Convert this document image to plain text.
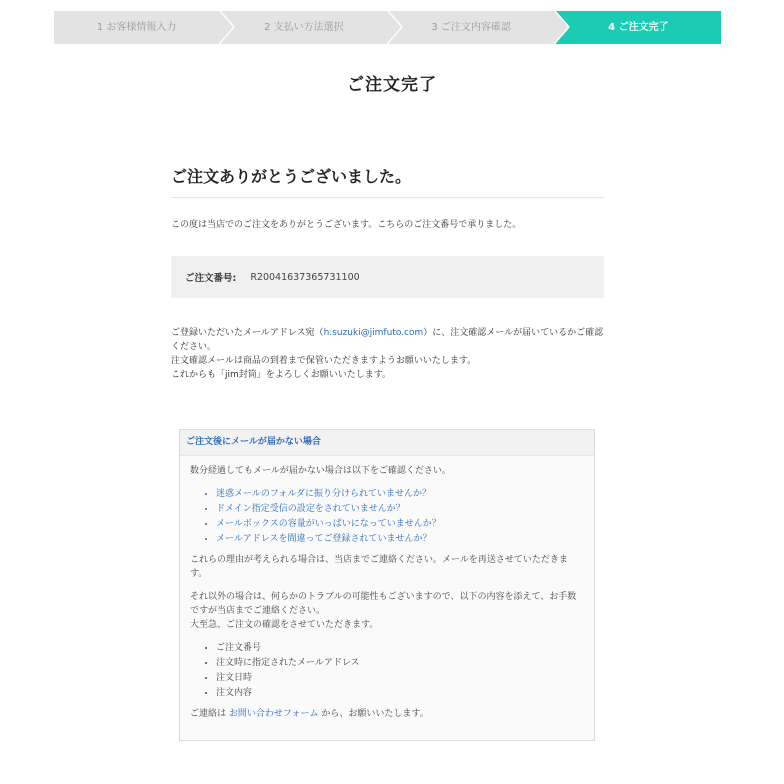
1 お客様情報入力	2 支払い方法選択	3 ご注文内容確認	4 ご注文完了
ご注文完了
ご注文ありがとうございました。
この度は当店でのご注文をありがとうございます。こちらのご注文番号で承りました。
ご注文番号: R20041637365731100

ご登録いただいたメールアドレス宛（h.suzuki@jimfuto.com）に、注文確認メールが届いているかご確認ください。

注文確認メールは商品の到着まで保管いただきますようお願いいたします。

これからも「jim封筒」をよろしくお願いいたします。

ご注文後にメールが届かない場合

数分経過してもメールが届かない場合は以下をご確認ください。

• 迷惑メールのフォルダに振り分けられていませんか？
• ドメイン指定受信の設定をされていませんか？
• メールボックスの容量がいっぱいになっていませんか？
• メールアドレスを間違ってご登録されていませんか？

これらの理由が考えられる場合は、当店までご連絡ください。メールを再送させていただきます。

それ以外の場合は、何らかのトラブルの可能性もございますので、以下の内容を添えて、お手数ですが当店までご連絡ください。

大至急、ご注文の確認をさせていただきます。

• ご注文番号
• 注文時に指定されたメールアドレス
• 注文日時
• 注文内容

ご連絡は お問い合わせフォーム から、お願いいたします。
